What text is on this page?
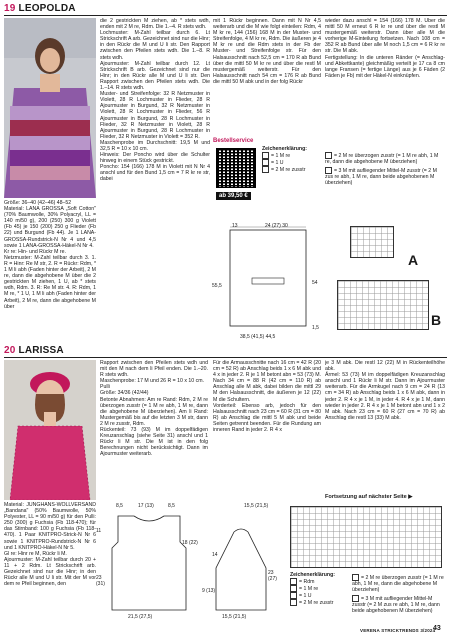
19 LEOPOLDA
Größe: 36–40 (42–46) 48–52
Material: LANA GROSSA „Soft Cotton" (70% Baumwolle, 30% Polyacryl, LL = 140 m/50 g), 200 (250) 300 g Violett (Fb 45) je 150 (200) 250 g Flieder (Fb 22) und Burgund (Fb 44). Je 1 LANA-GROSSA-Rundstrick-N Nr 4 und 4,5 sowie 1 LANA-GROSSA-Häkel-N Nr 4.
Kr re: Hin- und Rückr M re.
Netzmuster: M-Zahl teilbar durch 3. 1. R = Hinr: Re M str, 2. R = Rückr: Rdm, * 1 M li abh (Faden hinter der Arbeit), 2 M re, dann die abgehobene M über die 2 gestrickten M ziehen, 1 U, ab * stets wdh, Rdm. 3. R: Re M str. 4. R: Rdm, 1 M re, * 1 U, 1 M li abh (Faden hinter der Arbeit), 2 M re, dann die abgehobene M über
die 2 gestrickten M ziehen, ab * stets wdh, enden mit 2 M re, Rdm. Die 1.–4. R stets wdh.
Lochmuster: M-Zahl teilbar durch 6. Lt Strickschrift A arb. Gezeichnet sind nur die Hinr; in den Rückr die M und U li str. Den Rapport zwischen den Pfeilen stets wdh. Die 1.–8. R stets wdh.
Ajourmuster: M-Zahl teilbar durch 12. Lt Strickschrift B arb. Gezeichnet sind nur die Hinr; in den Rückr alle M und U li str. Den Rapport zwischen den Pfeilen stets wdh. Die 1.–14. R stets wdh.
Muster- und Streifenfolge: 32 R Netzmuster in Violett, 28 R Lochmuster in Flieder, 28 R Ajourmuster in Burgund, 32 R Netzmuster in Violett, 28 R Lochmuster in Flieder, 56 R Ajourmuster in Burgund, 28 R Lochmuster in Flieder, 32 R Netzmuster in Violett, 28 R Ajourmuster in Burgund, 28 R Lochmuster in Flieder, 32 R Netzmuster in Violett = 352 R.
Maschenprobe im Durchschnitt: 19,5 M und 32,5 R = 10 x 10 cm.
Hinweis: Der Poncho wird über die Schulter hinweg in einem Stück gestrickt.
Poncho: 154 (166) 178 M in Violett mit N Nr 4 anschl und für den Bund 1,5 cm = 7 R kr re str, dabei
mit 1 Rückr beginnen. Dann mit N Nr 4,5 weiterarb und die M wie folgt einteilen: Rdm, 4 M kr re, 144 (156) 168 M in der Muster- und Streifenfolge, 4 M kr re, Rdm. Die äußeren je 4 M kr re und die Rdm stets in der Fb der Muster- und Streifenfolge str. Für den Halsausschnitt nach 52,5 cm = 170 R ab Bund über die mittl 50 M kr re und über die restl M mustergemäß weiterstr. Für den Halsausschnitt nach 54 cm = 176 R ab Bund die mittl 50 M abk und in der folg Rückr
wieder dazu anschl = 154 (166) 178 M. Über die mittl 50 M erneut 6 R kr re und über die restl M mustergemäß weiterstr. Dann über alle M die vorherige M-Einteilung fortsetzen. Nach 108 cm = 352 R ab Bund über alle M noch 1,5 cm = 6 R kr re str. Die M abk.
Fertigstellung: In die unteren Ränder (= Anschlag- und Abkettkante) gleichmäßig verteilt je 17 ca 8 cm lange Fransen (= fertige Länge) aus je 6 Fäden (2 Fäden je Fb) mit der Häkel-N einknüpfen.
Bestellservice
ab 39,50 €
Zeichenerklärung:
= 1 M re
= 1 U
= 2 M re zusstr
= 2 M re überzogen zusstr (= 1 M re abh, 1 M re, dann die abgehobene M überziehen)
= 3 M mit aufliegender Mittel-M zusstr (= 2 M zus re abh, 1 M re, dann beide abgehobenen M überziehen)
13	24 (27) 30
55,5	54
1,5
38,5 (41,5) 44,5
A
B
20 LARISSA
Material: JUNGHANS-WOLLVERSAND „Bandana" (50% Baumwolle, 50% Polyester, LL = 90 m/50 g) für den Pulli: 250 (300) g Fuchsia (Fb 118-470); für das Stirnband: 100 g Fuchsia (Fb 118-470). 1 Paar KNITPRO-Strick-N Nr 6 sowie 1 KNITPRO-Rundstrick-N Nr 6 und 1 KNITPRO-Häkel-N Nr 5.
Gl re: Hinr re M, Rückr li M.
Ajourmuster: M-Zahl teilbar durch 20 + 11 + 2 Rdm. Lt Strickschrift arb. Gezeichnet sind nur die Hinr; in den Rückr alle M und U li str. Mit der M vor dem re Pfeil beginnen, den
Rapport zwischen den Pfeilen stets wdh und mit den M nach dem li Pfeil enden. Die 1.–20. R stets wdh.
Maschenprobe: 17 M und 26 R = 10 x 10 cm.
Pulli
Größe: 34/36 (42/44)
Betonte Abnahmen: Am re Rand: Rdm, 2 M re überzogen zusstr (= 1 M re abh, 1 M re, dann die abgehobene M überziehen). Am li Rand: Mustergemäß bis auf die letzten 3 M str, dann 2 M re zusstr, Rdm.
Rückenteil: 73 (93) M im doppelfädigen Kreuzanschlag (siehe Seite 31) anschl und 1 Rückr li M str. Die M ist in den folg Berechnungen nicht berücksichtigt. Dann im Ajourmuster weiterarb.
Für die Armausschnitte nach 16 cm = 42 R (20 cm = 52 R) ab Anschlag beids 1 x 6 M abk und 4 x in jeder 2. R je 1 M betont abn = 53 (73) M. Nach 34 cm = 88 R (42 cm = 110 R) ab Anschlag alle M abk, dabei bilden die mittl 29 M den Halsausschnitt, die äußeren je 12 (22) M die Schultern.
Vorderteil: Ebenso arb, jedoch für den Halsausschnitt nach 23 cm = 60 R (31 cm = 80 R) ab Anschlag die mittl 5 M abk und beide Seiten getrennt beenden. Für die Rundung am inneren Rand in jeder 2. R 4 x
je 3 M abk. Die restl 12 (22) M in Rückenteilhöhe abk.
Ärmel: 53 (73) M im doppelfädigen Kreuzanschlag anschl und 1 Rückr li M str. Dann im Ajourmuster weiterarb. Für die Armkugel nach 9 cm = 24 R (13 cm = 34 R) ab Anschlag beids 1 x 6 M abk, dann in jeder 2. R 4 x je 1 M, in jeder 4. R 4 x je 1 M, dann wieder in jeder 2. R 4 x je 1 M betont abn und 1 x 2 M abk. Nach 23 cm = 60 R (27 cm = 70 R) ab Anschlag die restl 13 (33) M abk.
Fortsetzung auf nächster Seite ▶
8,5	17 (13)	8,5
11
18 (22)
23 (31)
21,5 (27,5)
15,5 (21,5)
14
23 (27)
9 (13)
15,5 (21,5)
Zeichenerklärung:
= Rdm
= 1 M re
= 1 U
= 2 M re zusstr
= 2 M re überzogen zusstr (= 1 M re abh, 1 M re, dann die abgehobene M überziehen)
= 3 M mit aufliegender Mittel-M zusstr (= 2 M zus re abh, 1 M re, dann beide abgehobenen M überziehen)
VERENA STRICKTRENDS 3/2024
43
